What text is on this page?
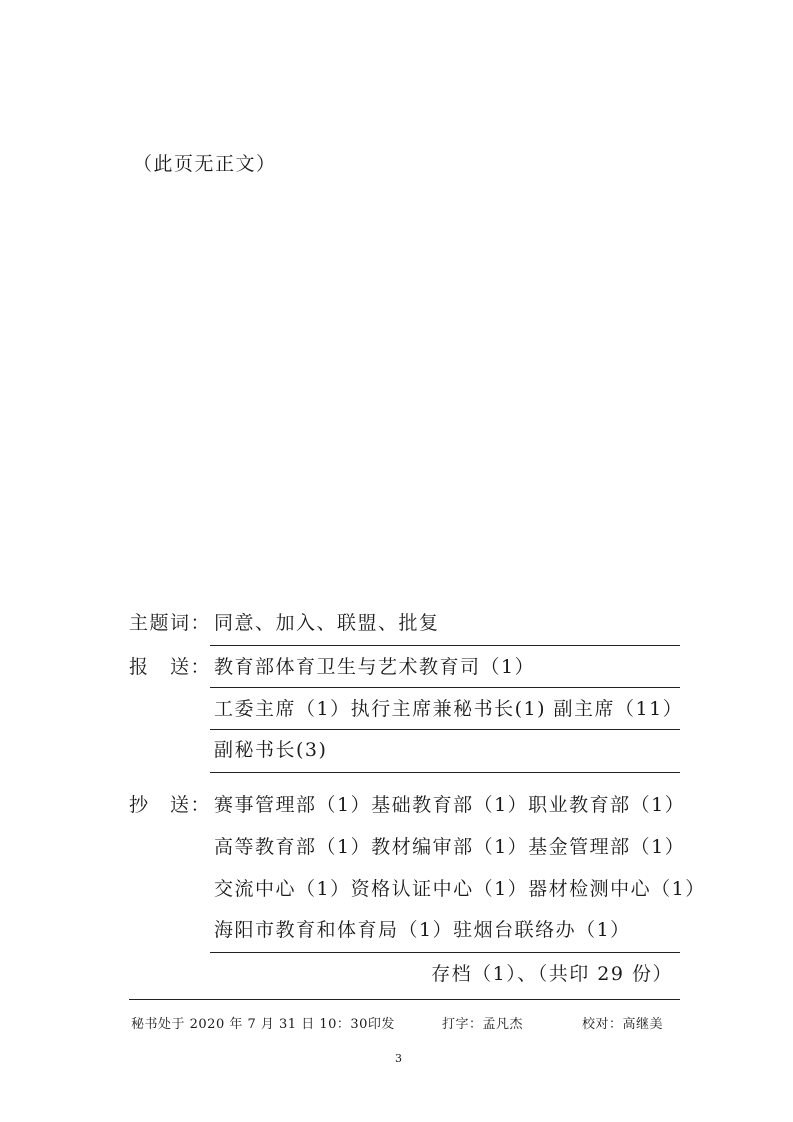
（此页无正文）
主题词： 同意、加入、联盟、批复
报　送： 教育部体育卫生与艺术教育司（1）
工委主席（1）执行主席兼秘书长(1) 副主席（11）
副秘书长(3)
抄　送： 赛事管理部（1）基础教育部（1）职业教育部（1）
高等教育部（1）教材编审部（1）基金管理部（1）
交流中心（1）资格认证中心（1）器材检测中心（1）
海阳市教育和体育局（1）驻烟台联络办（1）
存档（1）、（共印 29 份）
秘书处于 2020 年 7 月 31 日 10：30印发	打字：孟凡杰	校对：高继美
3
